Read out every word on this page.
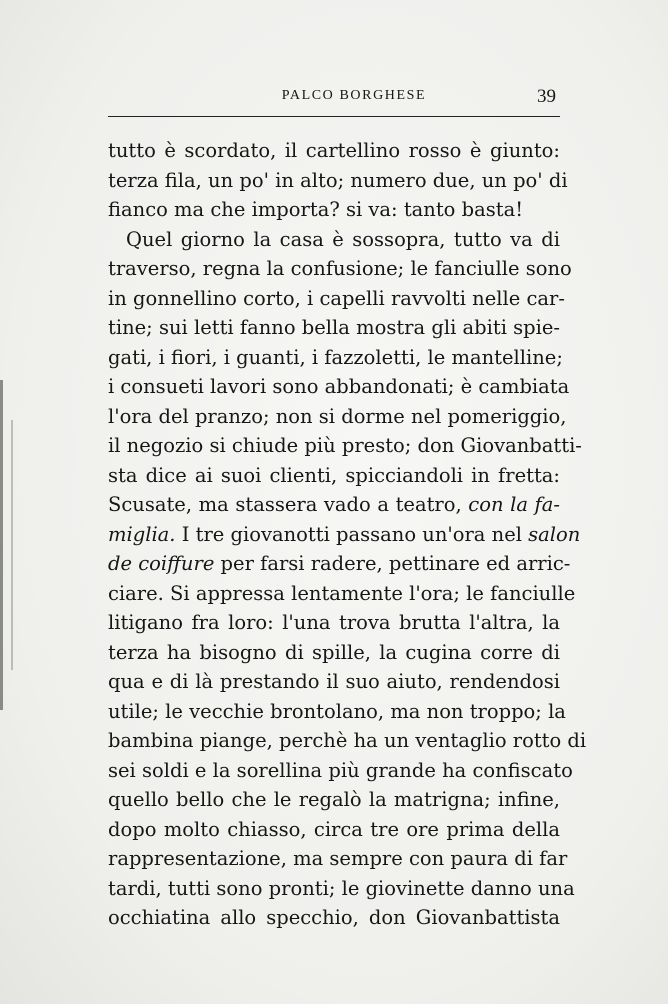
PALCO BORGHESE	39
tutto è scordato, il cartellino rosso è giunto:
terza fila, un po' in alto; numero due, un po' di
fianco ma che importa? si va: tanto basta!
Quel giorno la casa è sossopra, tutto va di
traverso, regna la confusione; le fanciulle sono
in gonnellino corto, i capelli ravvolti nelle car-
tine; sui letti fanno bella mostra gli abiti spie-
gati, i fiori, i guanti, i fazzoletti, le mantelline;
i consueti lavori sono abbandonati; è cambiata
l'ora del pranzo; non si dorme nel pomeriggio,
il negozio si chiude più presto; don Giovanbatti-
sta dice ai suoi clienti, spicciandoli in fretta:
Scusate, ma stassera vado a teatro, con la fa-
miglia. I tre giovanotti passano un'ora nel salon
de coiffure per farsi radere, pettinare ed arric-
ciare. Si appressa lentamente l'ora; le fanciulle
litigano fra loro: l'una trova brutta l'altra, la
terza ha bisogno di spille, la cugina corre di
qua e di là prestando il suo aiuto, rendendosi
utile; le vecchie brontolano, ma non troppo; la
bambina piange, perchè ha un ventaglio rotto di
sei soldi e la sorellina più grande ha confiscato
quello bello che le regalò la matrigna; infine,
dopo molto chiasso, circa tre ore prima della
rappresentazione, ma sempre con paura di far
tardi, tutti sono pronti; le giovinette danno una
occhiatina allo specchio, don Giovanbattista
